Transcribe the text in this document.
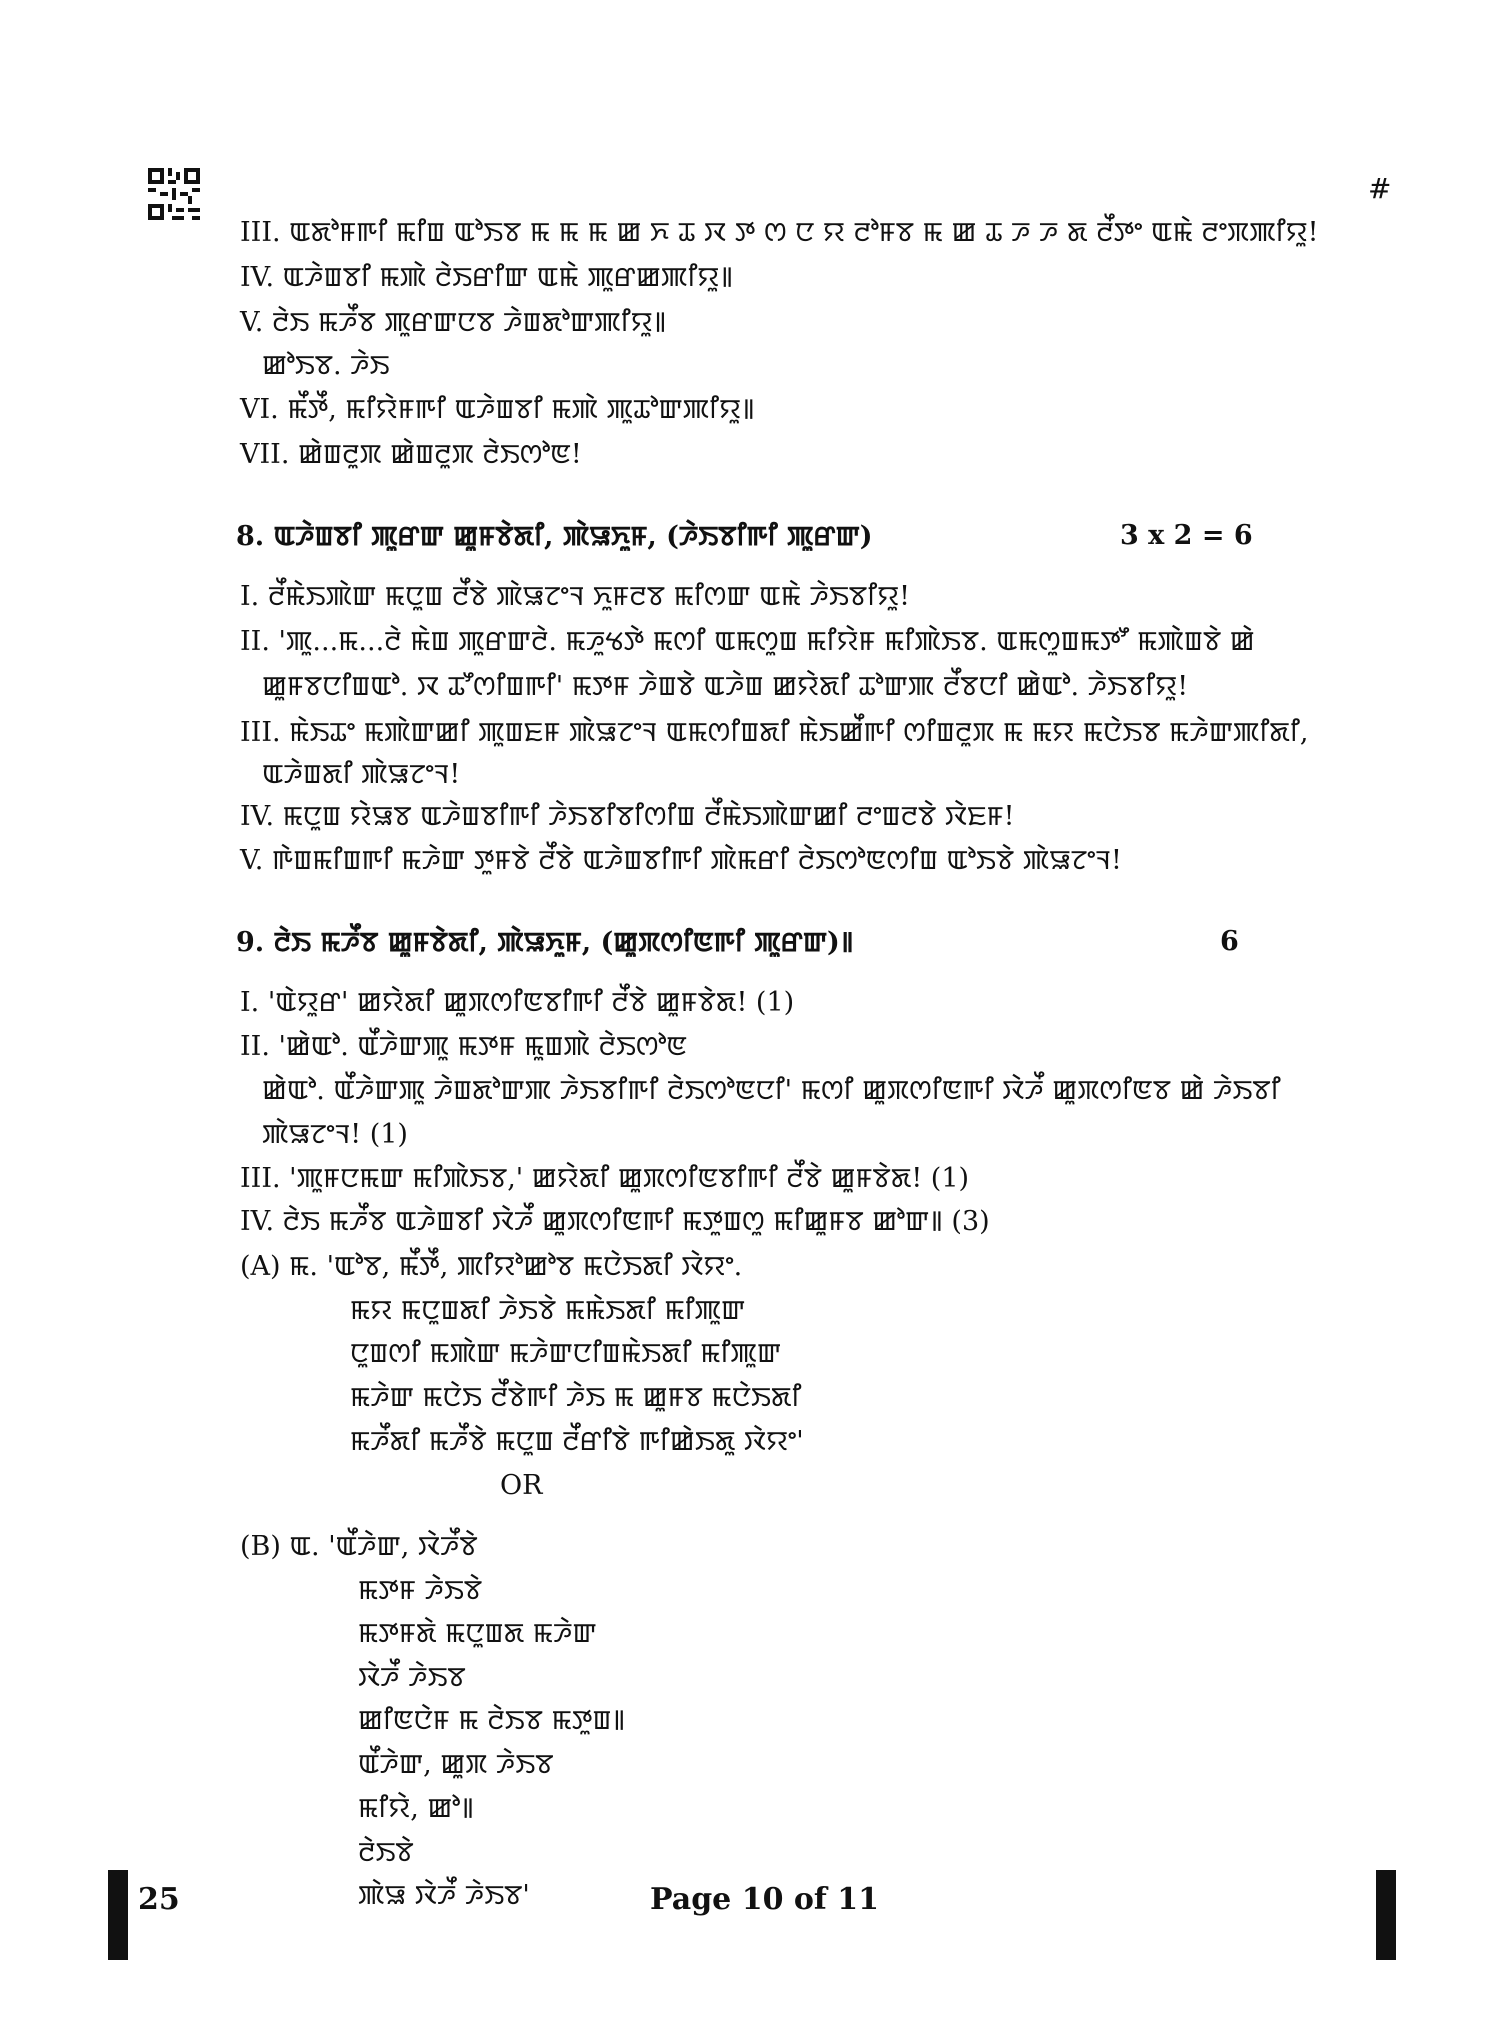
#
III. ꯑꯗꯣꯝꯒꯤ ꯃꯤꯡ ꯑꯣꯏꯕ ꯃ ꯃ ꯃ ꯀ ꯈ ꯊ ꯋ ꯇ ꯁ ꯅ ꯌ ꯂꯣꯝꯕ ꯃ ꯀ ꯊ ꯍ ꯍ ꯗ ꯂꯩꯇꯦ ꯑꯃꯥ ꯂꯦꯞꯄꯤꯌꯨ!
IV. ꯑꯍꯥꯡꯕꯤ ꯃꯄꯥ ꯂꯥꯏꯔꯤꯛ ꯑꯃꯥ ꯄꯨꯔꯀꯄꯤꯌꯨ꯫
V. ꯂꯥꯏ ꯃꯍꯩꯕ ꯄꯨꯔꯛꯅꯕ ꯍꯥꯡꯗꯣꯛꯄꯤꯌꯨ꯫
ꯀꯣꯏꯕ. ꯍꯥꯏ
VI. ꯃꯩꯇꯩ, ꯃꯤꯌꯥꯝꯒꯤ ꯑꯍꯥꯡꯕꯤ ꯃꯄꯥ ꯄꯨꯊꯣꯛꯄꯤꯌꯨ꯫
VII. ꯀꯥꯡꯂꯨꯞ ꯀꯥꯡꯂꯨꯞ ꯂꯥꯏꯁꯣꯟ!
8. ꯑꯍꯥꯡꯕꯤ ꯄꯨꯔꯛ ꯀꯨꯝꯕꯥꯗꯤ, ꯄꯥꯎꯈꯨꯝ, (ꯍꯥꯏꯕꯤꯒꯤ ꯄꯨꯔꯛ)
I. ꯂꯩꯃꯥꯏꯄꯥꯛ ꯃꯅꯨꯡ ꯂꯩꯕꯥ ꯄꯥꯎꯖꯦꯜ ꯈꯨꯝꯂꯕ ꯃꯤꯁꯛ ꯑꯃꯥ ꯍꯥꯏꯕꯤꯌꯨ!
II. 'ꯄꯨ...ꯃ...ꯂꯥ ꯃꯥꯡ ꯄꯨꯔꯛꯂꯥ. ꯃꯍꯨꯠꯇꯥ ꯃꯁꯤ ꯑꯃꯁꯨꯡ ꯃꯤꯌꯥꯝ ꯃꯤꯄꯥꯏꯕ. ꯑꯃꯁꯨꯡꯃꯇꯧ ꯃꯄꯥꯡꯕꯥ ꯀꯥ
ꯀꯨꯝꯕꯅꯤꯡꯑꯣ. ꯋ ꯊꯧꯁꯤꯡꯒꯤ' ꯃꯇꯝ ꯍꯥꯡꯕꯥ ꯑꯍꯥꯡ ꯀꯌꯥꯗꯤ ꯊꯣꯛꯄ ꯂꯩꯕꯅꯤ ꯀꯥꯑꯣ. ꯍꯥꯏꯕꯤꯌꯨ!
III. ꯃꯥꯏꯊꯦ ꯃꯄꯥꯛꯀꯤ ꯄꯨꯡꯐꯝ ꯄꯥꯎꯖꯦꯜ ꯑꯃꯁꯤꯡꯗꯤ ꯃꯥꯏꯀꯩꯒꯤ ꯁꯤꯡꯂꯨꯞ ꯃ ꯃꯌ ꯃꯅꯥꯏꯕ ꯃꯍꯥꯛꯄꯤꯗꯤ,
ꯑꯍꯥꯡꯗꯤ ꯄꯥꯎꯖꯦꯜ!
IV. ꯃꯅꯨꯡ ꯌꯥꯎꯕ ꯑꯍꯥꯡꯕꯤꯒꯤ ꯍꯥꯏꯕꯤꯕꯤꯁꯤꯡ ꯂꯩꯃꯥꯏꯄꯥꯛꯀꯤ ꯂꯦꯡꯂꯕꯥ ꯋꯥꯐꯝ!
V. ꯒꯥꯡꯃꯤꯡꯒꯤ ꯃꯍꯥꯛ ꯇꯨꯝꯕꯥ ꯂꯩꯕꯥ ꯑꯍꯥꯡꯕꯤꯒꯤ ꯄꯥꯃꯔꯤ ꯂꯥꯏꯁꯣꯟꯁꯤꯡ ꯑꯣꯏꯕꯥ ꯄꯥꯎꯖꯦꯜ!
9. ꯂꯥꯏ ꯃꯍꯩꯕ ꯀꯨꯝꯕꯥꯗꯤ, ꯄꯥꯎꯈꯨꯝ, (ꯀꯨꯞꯁꯤꯟꯒꯤ ꯄꯨꯔꯛ)꯫
I. 'ꯑꯥꯌꯨꯔ' ꯀꯌꯥꯗꯤ ꯀꯨꯞꯁꯤꯟꯕꯤꯒꯤ ꯂꯩꯕꯥ ꯀꯨꯝꯕꯥꯗ! (1)
II. 'ꯀꯥꯑꯣ. ꯑꯩꯍꯥꯛꯄꯨ ꯃꯇꯝ ꯃꯨꯡꯄꯥ ꯂꯥꯏꯁꯣꯟ
ꯀꯥꯑꯣ. ꯑꯩꯍꯥꯛꯄꯨ ꯍꯥꯡꯗꯣꯛꯄ ꯍꯥꯏꯕꯤꯒꯤ ꯂꯥꯏꯁꯣꯟꯅꯤ' ꯃꯁꯤ ꯀꯨꯞꯁꯤꯟꯒꯤ ꯋꯥꯍꯩ ꯀꯨꯞꯁꯤꯟꯕ ꯀꯥ ꯍꯥꯏꯕꯤ
ꯄꯥꯎꯖꯦꯜ! (1)
III. 'ꯄꯨꯝꯅꯃꯛ ꯃꯤꯄꯥꯏꯕ,' ꯀꯌꯥꯗꯤ ꯀꯨꯞꯁꯤꯟꯕꯤꯒꯤ ꯂꯩꯕꯥ ꯀꯨꯝꯕꯥꯗ! (1)
IV. ꯂꯥꯏ ꯃꯍꯩꯕ ꯑꯍꯥꯡꯕꯤ ꯋꯥꯍꯩ ꯀꯨꯞꯁꯤꯟꯒꯤ ꯃꯇꯨꯡꯁꯨ ꯃꯤꯀꯨꯝꯕ ꯀꯣꯛ꯫ (3)
(A) ꯃ. 'ꯑꯣꯕ, ꯃꯩꯇꯩ, ꯄꯤꯌꯣꯀꯣꯕ ꯃꯅꯥꯏꯗꯤ ꯋꯥꯌꯦ.
ꯃꯌ ꯃꯅꯨꯡꯗꯤ ꯍꯥꯏꯕꯥ ꯃꯃꯥꯏꯗꯤ ꯃꯤꯄꯨꯛ
ꯅꯨꯡꯁꯤ ꯃꯄꯥꯛ ꯃꯍꯥꯛꯅꯤꯡꯃꯥꯏꯗꯤ ꯃꯤꯄꯨꯛ
ꯃꯍꯥꯛ ꯃꯅꯥꯏ ꯂꯩꯕꯥꯒꯤ ꯍꯥꯏ ꯃ ꯀꯨꯝꯕ ꯃꯅꯥꯏꯗꯤ
ꯃꯍꯩꯗꯤ ꯃꯍꯩꯕꯥ ꯃꯅꯨꯡ ꯂꯩꯔꯤꯕꯥ ꯒꯤꯀꯥꯏꯗꯨ ꯋꯥꯌꯦ'
OR
(B) ꯑ. 'ꯑꯩꯍꯥꯛ, ꯋꯥꯍꯩꯕꯥ
ꯃꯇꯝ ꯍꯥꯏꯕꯥ
ꯃꯇꯝꯗꯥ ꯃꯅꯨꯡꯗ ꯃꯍꯥꯛ
ꯋꯥꯍꯩ ꯍꯥꯏꯕ
ꯀꯤꯟꯅꯥꯝ ꯃ ꯂꯥꯏꯕ ꯃꯇꯨꯡ꯫
ꯑꯩꯍꯥꯛ, ꯀꯨꯞ ꯍꯥꯏꯕ
ꯃꯤꯌꯥ, ꯀꯣ꯫
ꯂꯥꯏꯕꯥ
ꯄꯥꯎ ꯋꯥꯍꯩ ꯍꯥꯏꯕ'
3 x 2 = 6
6
25	Page 10 of 11
